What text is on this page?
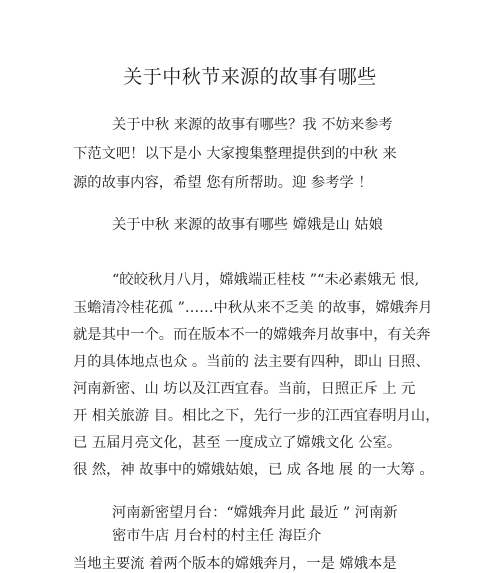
关于中秋节来源的故事有哪些
关于中秋 来源的故事有哪些？我 不妨来参考
下范文吧！以下是小 大家搜集整理提供到的中秋 来
源的故事内容，希望 您有所帮助。迎 参考学 ！
关于中秋 来源的故事有哪些 嫦娥是山 姑娘
“皎皎秋月八月，嫦娥端正桂枝 ”“未必素娥无 恨,
玉蟾清冷桂花孤 ”……中秋从来不乏美 的故事，嫦娥奔月
就是其中一个。而在版本不一的嫦娥奔月故事中，有关奔
月的具体地点也众 。当前的 法主要有四种，即山 日照、
河南新密、山 坊以及江西宜春。当前，日照正斥 上 元
开 相关旅游 目。相比之下，先行一步的江西宜春明月山，
已 五届月亮文化，甚至 一度成立了嫦娥文化 公室。
很 然，神 故事中的嫦娥姑娘，已 成 各地 展 的一大筹 。
河南新密望月台：“嫦娥奔月此 最近 ” 河南新
密市牛店 月台村的村主任 海臣介
当地主要流 着两个版本的嫦娥奔月，一是 嫦娥本是
